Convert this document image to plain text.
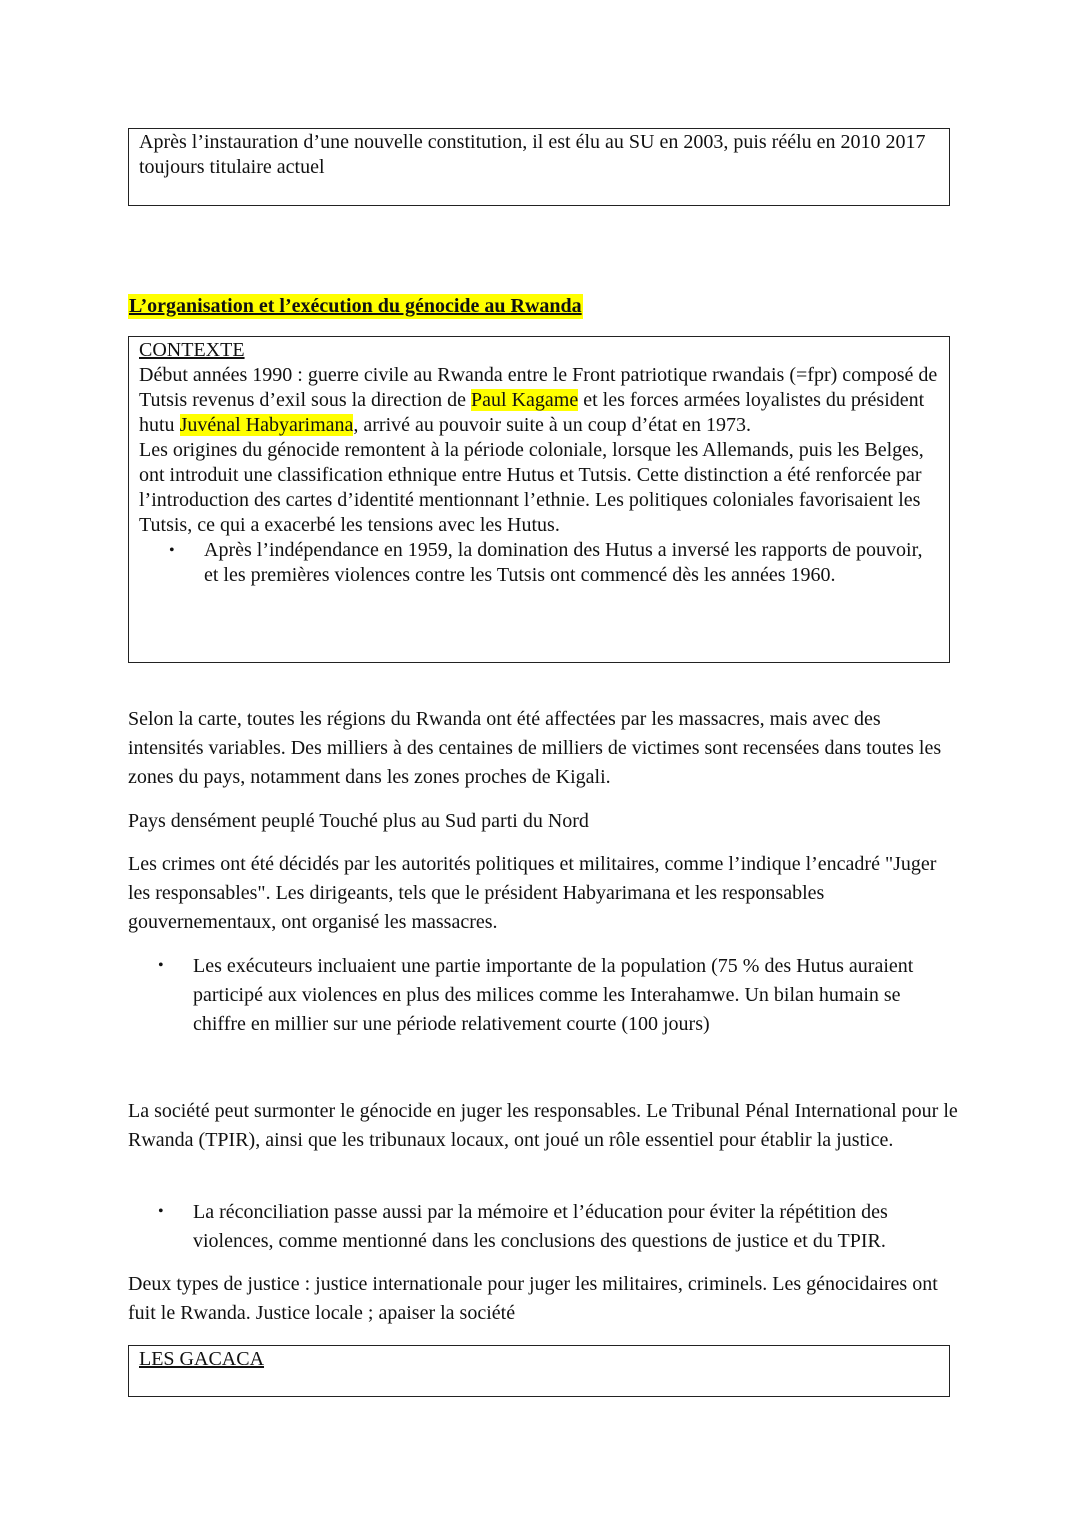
Après l’instauration d’une nouvelle constitution, il est élu au SU en 2003, puis réélu en 2010 2017 toujours titulaire actuel
L’organisation et l’exécution du génocide au Rwanda
CONTEXTE
Début années 1990 : guerre civile au Rwanda entre le Front patriotique rwandais (=fpr) composé de Tutsis revenus d’exil sous la direction de Paul Kagame et les forces armées loyalistes du président hutu Juvénal Habyarimana, arrivé au pouvoir suite à un coup d’état en 1973.
Les origines du génocide remontent à la période coloniale, lorsque les Allemands, puis les Belges, ont introduit une classification ethnique entre Hutus et Tutsis. Cette distinction a été renforcée par l’introduction des cartes d’identité mentionnant l’ethnie. Les politiques coloniales favorisaient les Tutsis, ce qui a exacerbé les tensions avec les Hutus.
• Après l’indépendance en 1959, la domination des Hutus a inversé les rapports de pouvoir, et les premières violences contre les Tutsis ont commencé dès les années 1960.

Selon la carte, toutes les régions du Rwanda ont été affectées par les massacres, mais avec des intensités variables. Des milliers à des centaines de milliers de victimes sont recensées dans toutes les zones du pays, notamment dans les zones proches de Kigali.

Pays densément peuplé Touché plus au Sud parti du Nord

Les crimes ont été décidés par les autorités politiques et militaires, comme l’indique l’encadré "Juger les responsables". Les dirigeants, tels que le président Habyarimana et les responsables gouvernementaux, ont organisé les massacres.

• Les exécuteurs incluaient une partie importante de la population (75 % des Hutus auraient participé aux violences en plus des milices comme les Interahamwe. Un bilan humain se chiffre en millier sur une période relativement courte (100 jours)

La société peut surmonter le génocide en juger les responsables. Le Tribunal Pénal International pour le Rwanda (TPIR), ainsi que les tribunaux locaux, ont joué un rôle essentiel pour établir la justice.

• La réconciliation passe aussi par la mémoire et l’éducation pour éviter la répétition des violences, comme mentionné dans les conclusions des questions de justice et du TPIR.

Deux types de justice : justice internationale pour juger les militaires, criminels. Les génocidaires ont fuit le Rwanda. Justice locale ; apaiser la société

LES GACACA
